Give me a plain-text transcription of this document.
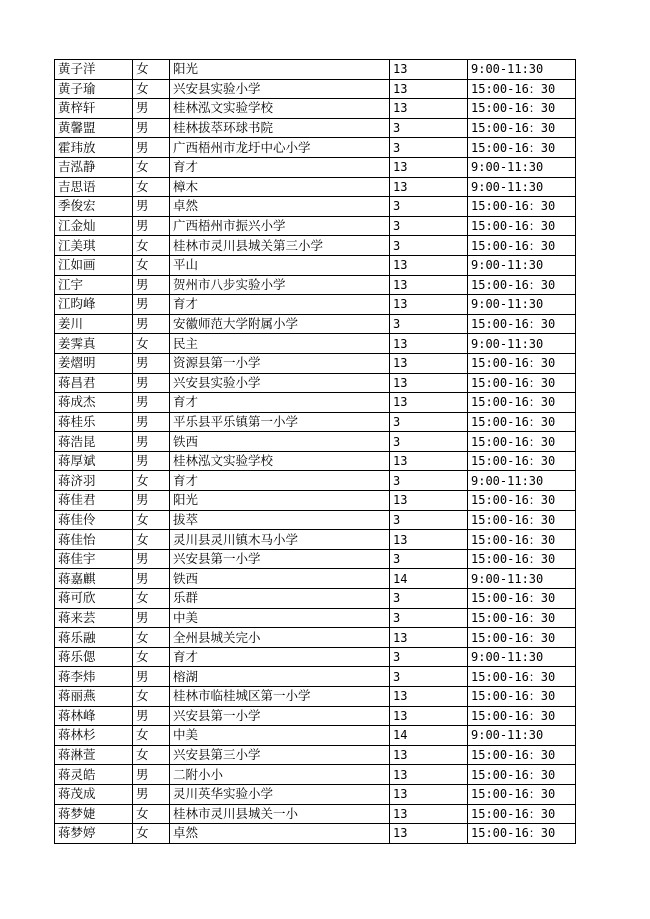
黄子洋	女	阳光	13	9:00-11:30
黄子瑜	女	兴安县实验小学	13	15:00-16：30
黄梓轩	男	桂林泓文实验学校	13	15:00-16：30
黄馨盟	男	桂林拔萃环球书院	3	15:00-16：30
霍玮放	男	广西梧州市龙圩中心小学	3	15:00-16：30
吉泓静	女	育才	13	9:00-11:30
吉思语	女	樟木	13	9:00-11:30
季俊宏	男	卓然	3	15:00-16：30
江金灿	男	广西梧州市振兴小学	3	15:00-16：30
江美琪	女	桂林市灵川县城关第三小学	3	15:00-16：30
江如画	女	平山	13	9:00-11:30
江宇	男	贺州市八步实验小学	13	15:00-16：30
江昀峰	男	育才	13	9:00-11:30
姜川	男	安徽师范大学附属小学	3	15:00-16：30
姜霁真	女	民主	13	9:00-11:30
姜熠明	男	资源县第一小学	13	15:00-16：30
蒋昌君	男	兴安县实验小学	13	15:00-16：30
蒋成杰	男	育才	13	15:00-16：30
蒋桂乐	男	平乐县平乐镇第一小学	3	15:00-16：30
蒋浩昆	男	铁西	3	15:00-16：30
蒋厚斌	男	桂林泓文实验学校	13	15:00-16：30
蒋济羽	女	育才	3	9:00-11:30
蒋佳君	男	阳光	13	15:00-16：30
蒋佳伶	女	拔萃	3	15:00-16：30
蒋佳怡	女	灵川县灵川镇木马小学	13	15:00-16：30
蒋佳宇	男	兴安县第一小学	3	15:00-16：30
蒋嘉麒	男	铁西	14	9:00-11:30
蒋可欣	女	乐群	3	15:00-16：30
蒋来芸	男	中美	3	15:00-16：30
蒋乐融	女	全州县城关完小	13	15:00-16：30
蒋乐偲	女	育才	3	9:00-11:30
蒋李炜	男	榕湖	3	15:00-16：30
蒋丽燕	女	桂林市临桂城区第一小学	13	15:00-16：30
蒋林峰	男	兴安县第一小学	13	15:00-16：30
蒋林杉	女	中美	14	9:00-11:30
蒋淋萱	女	兴安县第三小学	13	15:00-16：30
蒋灵皓	男	二附小小	13	15:00-16：30
蒋茂成	男	灵川英华实验小学	13	15:00-16：30
蒋梦婕	女	桂林市灵川县城关一小	13	15:00-16：30
蒋梦婷	女	卓然	13	15:00-16：30
